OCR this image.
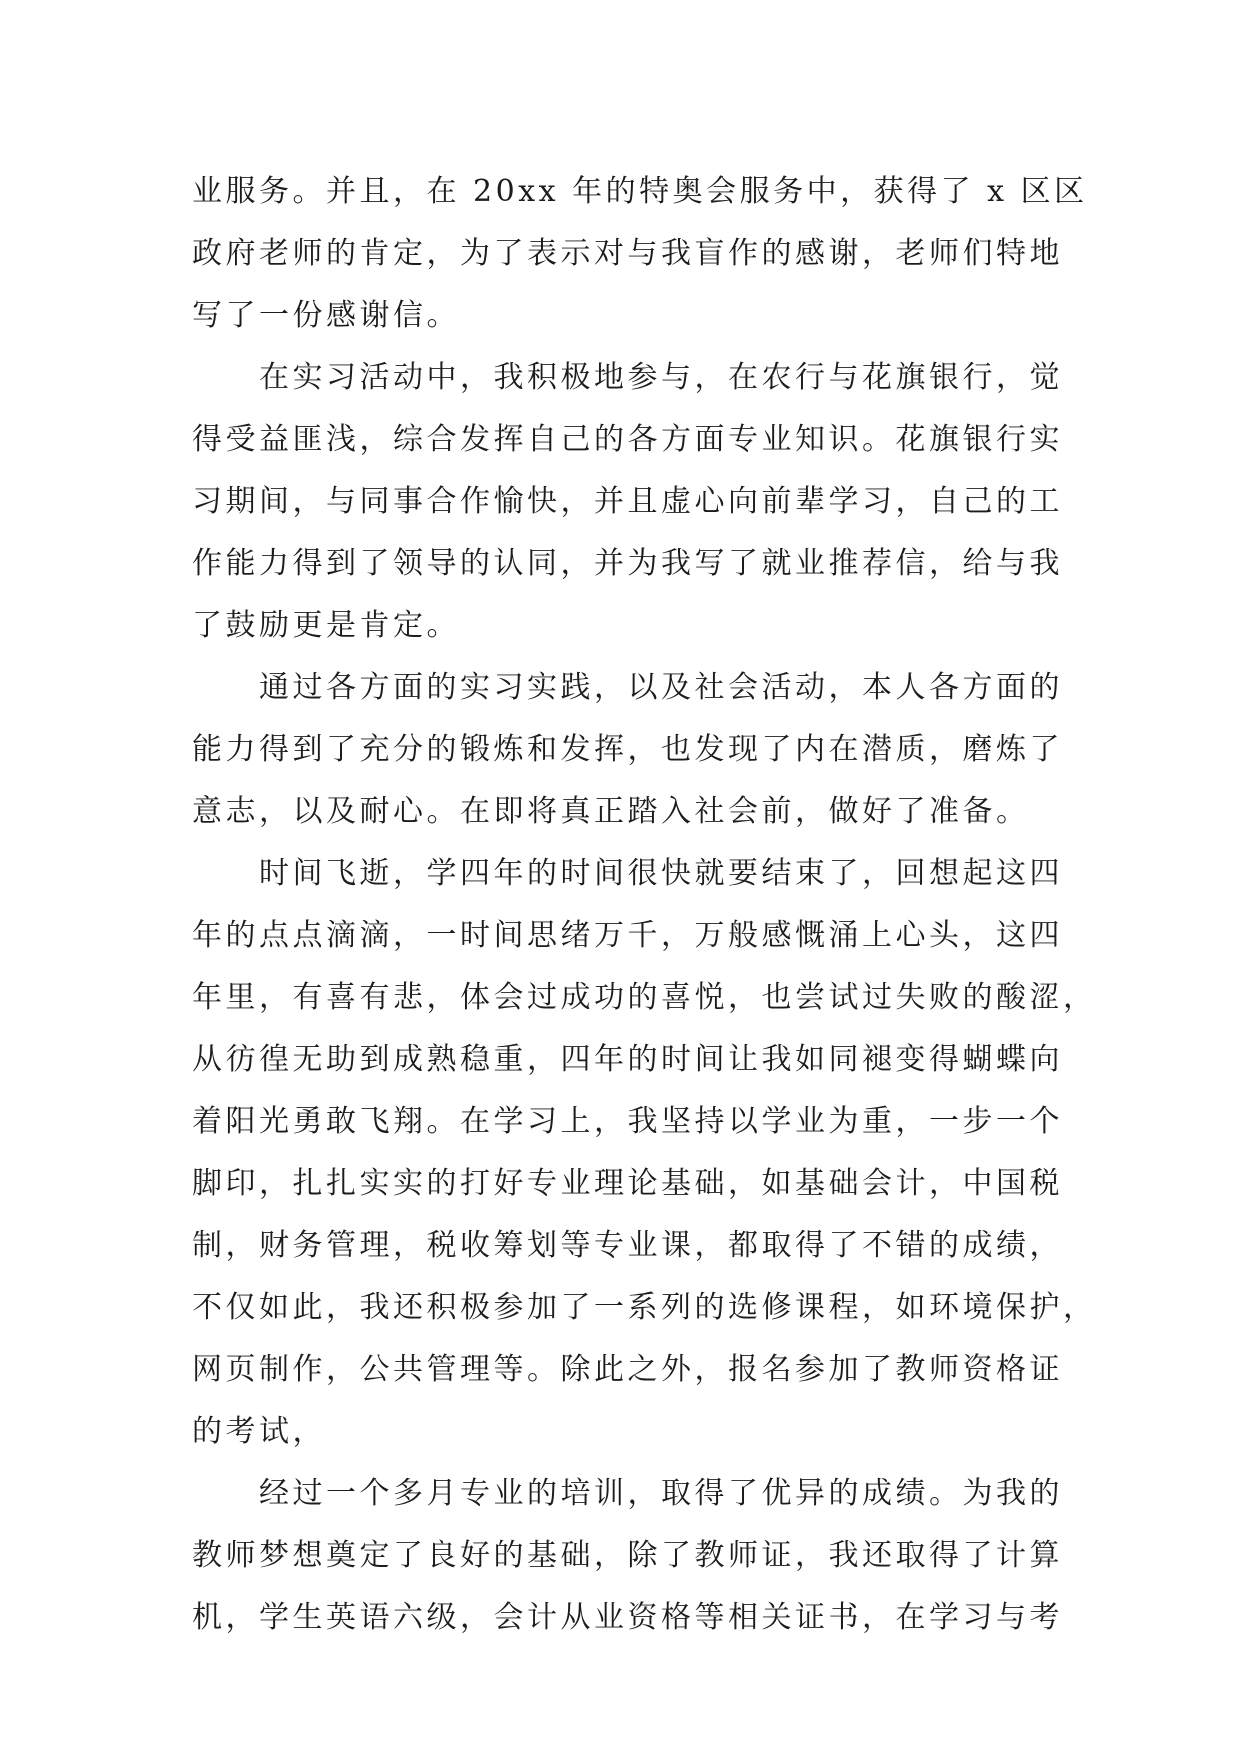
业服务。并且，在 20xx 年的特奥会服务中，获得了 x 区区
政府老师的肯定，为了表示对与我盲作的感谢，老师们特地
写了一份感谢信。
　　在实习活动中，我积极地参与，在农行与花旗银行，觉
得受益匪浅，综合发挥自己的各方面专业知识。花旗银行实
习期间，与同事合作愉快，并且虚心向前辈学习，自己的工
作能力得到了领导的认同，并为我写了就业推荐信，给与我
了鼓励更是肯定。
　　通过各方面的实习实践，以及社会活动，本人各方面的
能力得到了充分的锻炼和发挥，也发现了内在潜质，磨炼了
意志，以及耐心。在即将真正踏入社会前，做好了准备。
　　时间飞逝，学四年的时间很快就要结束了，回想起这四
年的点点滴滴，一时间思绪万千，万般感慨涌上心头，这四
年里，有喜有悲，体会过成功的喜悦，也尝试过失败的酸涩，
从彷徨无助到成熟稳重，四年的时间让我如同褪变得蝴蝶向
着阳光勇敢飞翔。在学习上，我坚持以学业为重，一步一个
脚印，扎扎实实的打好专业理论基础，如基础会计，中国税
制，财务管理，税收筹划等专业课，都取得了不错的成绩，
不仅如此，我还积极参加了一系列的选修课程，如环境保护，
网页制作，公共管理等。除此之外，报名参加了教师资格证
的考试，
　　经过一个多月专业的培训，取得了优异的成绩。为我的
教师梦想奠定了良好的基础，除了教师证，我还取得了计算
机，学生英语六级，会计从业资格等相关证书，在学习与考
